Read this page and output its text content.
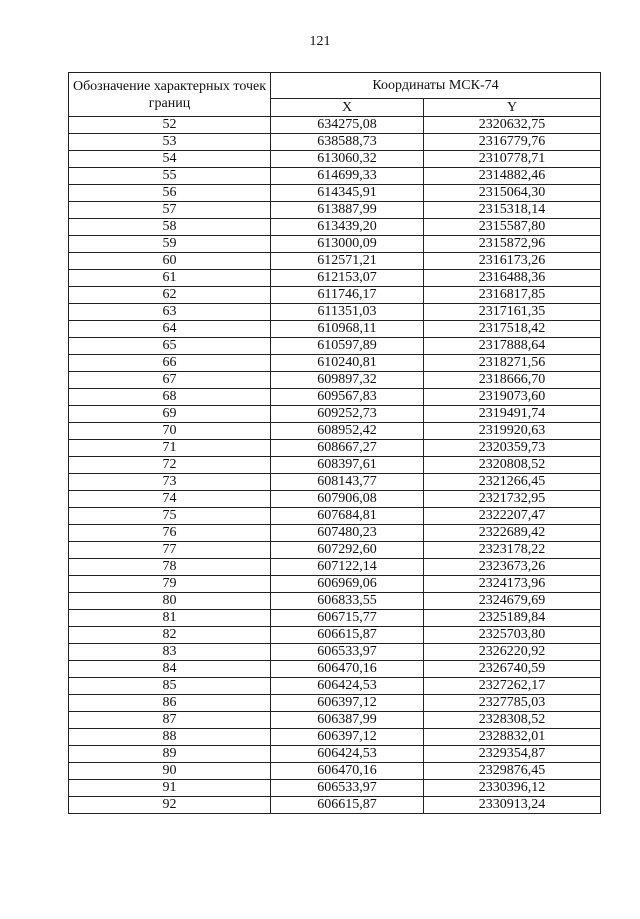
121
Обозначение характерных точек границ	Координаты МСК-74	
	X	Y
52	634275,08	2320632,75
53	638588,73	2316779,76
54	613060,32	2310778,71
55	614699,33	2314882,46
56	614345,91	2315064,30
57	613887,99	2315318,14
58	613439,20	2315587,80
59	613000,09	2315872,96
60	612571,21	2316173,26
61	612153,07	2316488,36
62	611746,17	2316817,85
63	611351,03	2317161,35
64	610968,11	2317518,42
65	610597,89	2317888,64
66	610240,81	2318271,56
67	609897,32	2318666,70
68	609567,83	2319073,60
69	609252,73	2319491,74
70	608952,42	2319920,63
71	608667,27	2320359,73
72	608397,61	2320808,52
73	608143,77	2321266,45
74	607906,08	2321732,95
75	607684,81	2322207,47
76	607480,23	2322689,42
77	607292,60	2323178,22
78	607122,14	2323673,26
79	606969,06	2324173,96
80	606833,55	2324679,69
81	606715,77	2325189,84
82	606615,87	2325703,80
83	606533,97	2326220,92
84	606470,16	2326740,59
85	606424,53	2327262,17
86	606397,12	2327785,03
87	606387,99	2328308,52
88	606397,12	2328832,01
89	606424,53	2329354,87
90	606470,16	2329876,45
91	606533,97	2330396,12
92	606615,87	2330913,24
